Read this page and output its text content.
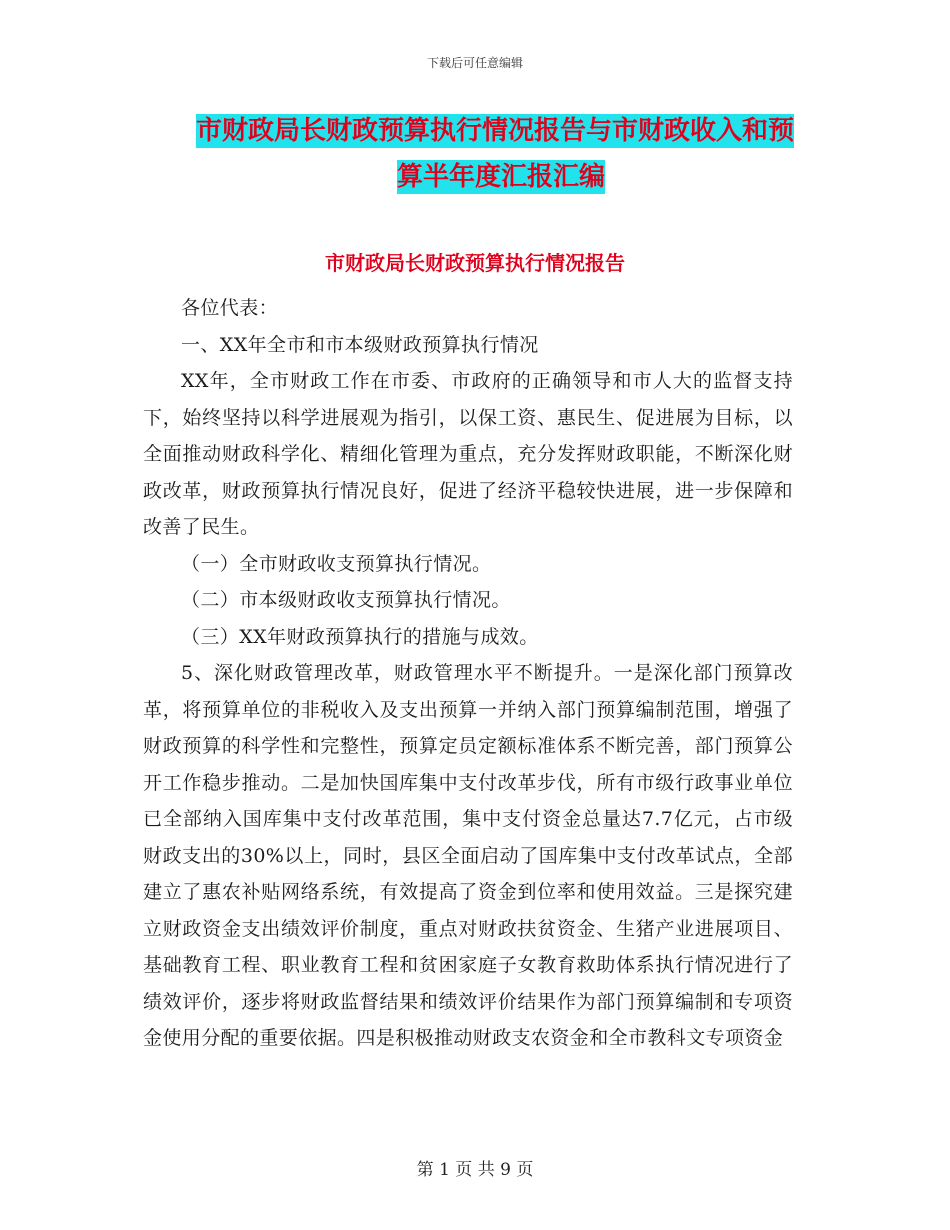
下载后可任意编辑
市财政局长财政预算执行情况报告与市财政收入和预
算半年度汇报汇编
市财政局长财政预算执行情况报告

各位代表：

一、XX年全市和市本级财政预算执行情况

XX年，全市财政工作在市委、市政府的正确领导和市人大的监督支持下，始终坚持以科学进展观为指引，以保工资、惠民生、促进展为目标，以全面推动财政科学化、精细化管理为重点，充分发挥财政职能，不断深化财政改革，财政预算执行情况良好，促进了经济平稳较快进展，进一步保障和改善了民生。

（一）全市财政收支预算执行情况。

（二）市本级财政收支预算执行情况。

（三）XX年财政预算执行的措施与成效。

5、深化财政管理改革，财政管理水平不断提升。一是深化部门预算改革，将预算单位的非税收入及支出预算一并纳入部门预算编制范围，增强了财政预算的科学性和完整性，预算定员定额标准体系不断完善，部门预算公开工作稳步推动。二是加快国库集中支付改革步伐，所有市级行政事业单位已全部纳入国库集中支付改革范围，集中支付资金总量达7.7亿元，占市级财政支出的30%以上，同时，县区全面启动了国库集中支付改革试点，全部建立了惠农补贴网络系统，有效提高了资金到位率和使用效益。三是探究建立财政资金支出绩效评价制度，重点对财政扶贫资金、生猪产业进展项目、基础教育工程、职业教育工程和贫困家庭子女教育救助体系执行情况进行了绩效评价，逐步将财政监督结果和绩效评价结果作为部门预算编制和专项资金使用分配的重要依据。四是积极推动财政支农资金和全市教科文专项资金

第 1 页 共 9 页
